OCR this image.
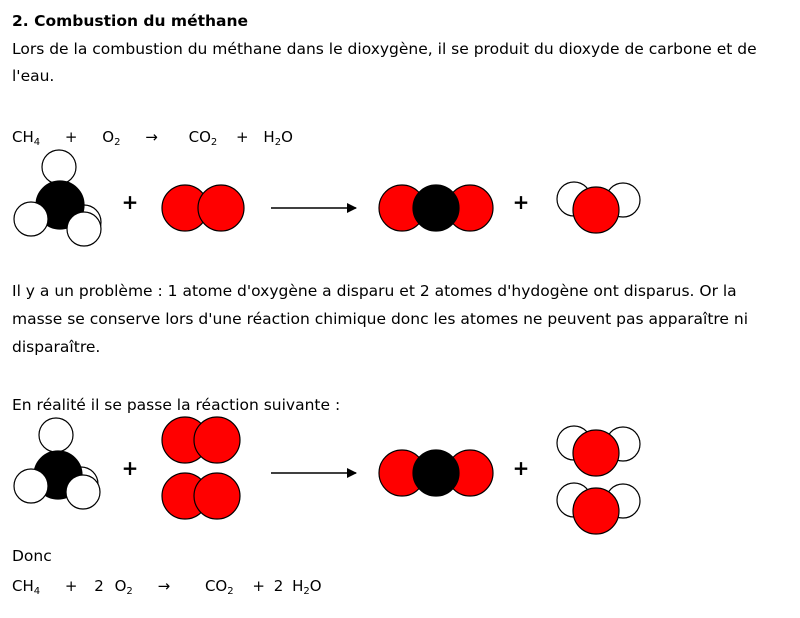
2. Combustion du méthane
Lors de la combustion du méthane dans le dioxygène, il se produit du dioxyde de carbone et de
l'eau.
$CH_4 + O_2 \to CO_2 + H_2O$
Il y a un problème : 1 atome d'oxygène a disparu et 2 atomes d'hydogène ont disparus. Or la
masse se conserve lors d'une réaction chimique donc les atomes ne peuvent pas apparaître ni
disparaître.
En réalité il se passe la réaction suivante :
Donc
$CH_4 + 2$ $O_2 \to CO_2 + 2$ $H_2O$
+	+
+	+
